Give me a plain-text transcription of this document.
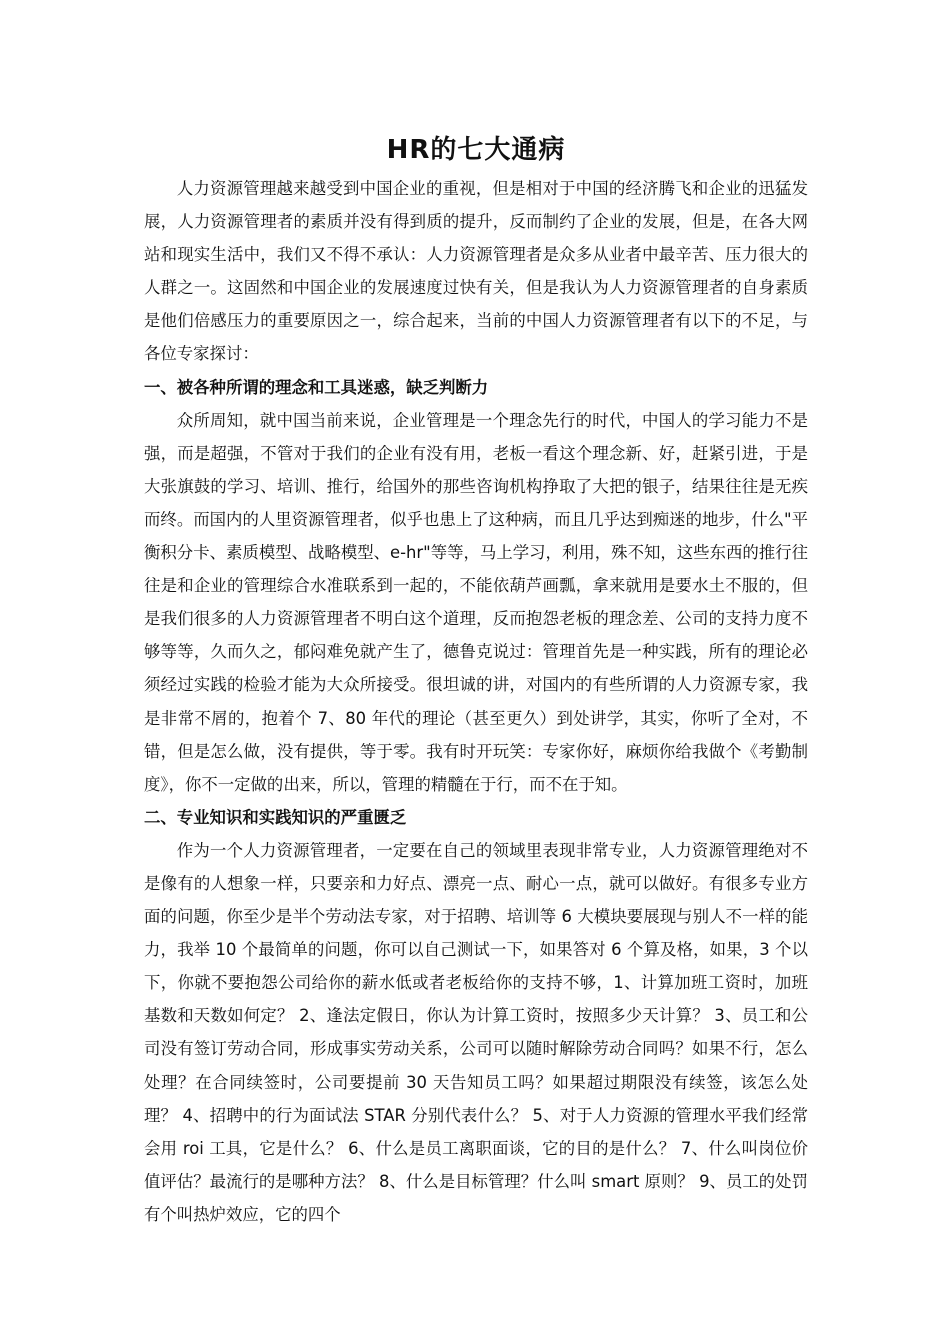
HR的七大通病

人力资源管理越来越受到中国企业的重视，但是相对于中国的经济腾飞和企业的迅猛发展，人力资源管理者的素质并没有得到质的提升，反而制约了企业的发展，但是，在各大网站和现实生活中，我们又不得不承认：人力资源管理者是众多从业者中最辛苦、压力很大的人群之一。这固然和中国企业的发展速度过快有关，但是我认为人力资源管理者的自身素质是他们倍感压力的重要原因之一，综合起来，当前的中国人力资源管理者有以下的不足，与各位专家探讨：

一、被各种所谓的理念和工具迷惑，缺乏判断力

众所周知，就中国当前来说，企业管理是一个理念先行的时代，中国人的学习能力不是强，而是超强，不管对于我们的企业有没有用，老板一看这个理念新、好，赶紧引进，于是大张旗鼓的学习、培训、推行，给国外的那些咨询机构挣取了大把的银子，结果往往是无疾而终。而国内的人里资源管理者，似乎也患上了这种病，而且几乎达到痴迷的地步，什么"平衡积分卡、素质模型、战略模型、e-hr"等等，马上学习，利用，殊不知，这些东西的推行往往是和企业的管理综合水准联系到一起的，不能依葫芦画瓢，拿来就用是要水土不服的，但是我们很多的人力资源管理者不明白这个道理，反而抱怨老板的理念差、公司的支持力度不够等等，久而久之，郁闷难免就产生了，德鲁克说过：管理首先是一种实践，所有的理论必须经过实践的检验才能为大众所接受。很坦诚的讲，对国内的有些所谓的人力资源专家，我是非常不屑的，抱着个 7、80 年代的理论（甚至更久）到处讲学，其实，你听了全对，不错，但是怎么做，没有提供，等于零。我有时开玩笑：专家你好，麻烦你给我做个《考勤制度》，你不一定做的出来，所以，管理的精髓在于行，而不在于知。

二、专业知识和实践知识的严重匮乏

作为一个人力资源管理者，一定要在自己的领域里表现非常专业，人力资源管理绝对不是像有的人想象一样，只要亲和力好点、漂亮一点、耐心一点，就可以做好。有很多专业方面的问题，你至少是半个劳动法专家，对于招聘、培训等 6 大模块要展现与别人不一样的能力，我举 10 个最简单的问题，你可以自己测试一下，如果答对 6 个算及格，如果，3 个以下，你就不要抱怨公司给你的薪水低或者老板给你的支持不够，1、计算加班工资时，加班基数和天数如何定？ 2、逢法定假日，你认为计算工资时，按照多少天计算？ 3、员工和公司没有签订劳动合同，形成事实劳动关系，公司可以随时解除劳动合同吗？如果不行，怎么处理？在合同续签时，公司要提前 30 天告知员工吗？如果超过期限没有续签，该怎么处理？ 4、招聘中的行为面试法 STAR 分别代表什么？ 5、对于人力资源的管理水平我们经常会用 roi 工具，它是什么？ 6、什么是员工离职面谈，它的目的是什么？ 7、什么叫岗位价值评估？最流行的是哪种方法？ 8、什么是目标管理？什么叫 smart 原则？ 9、员工的处罚有个叫热炉效应，它的四个
